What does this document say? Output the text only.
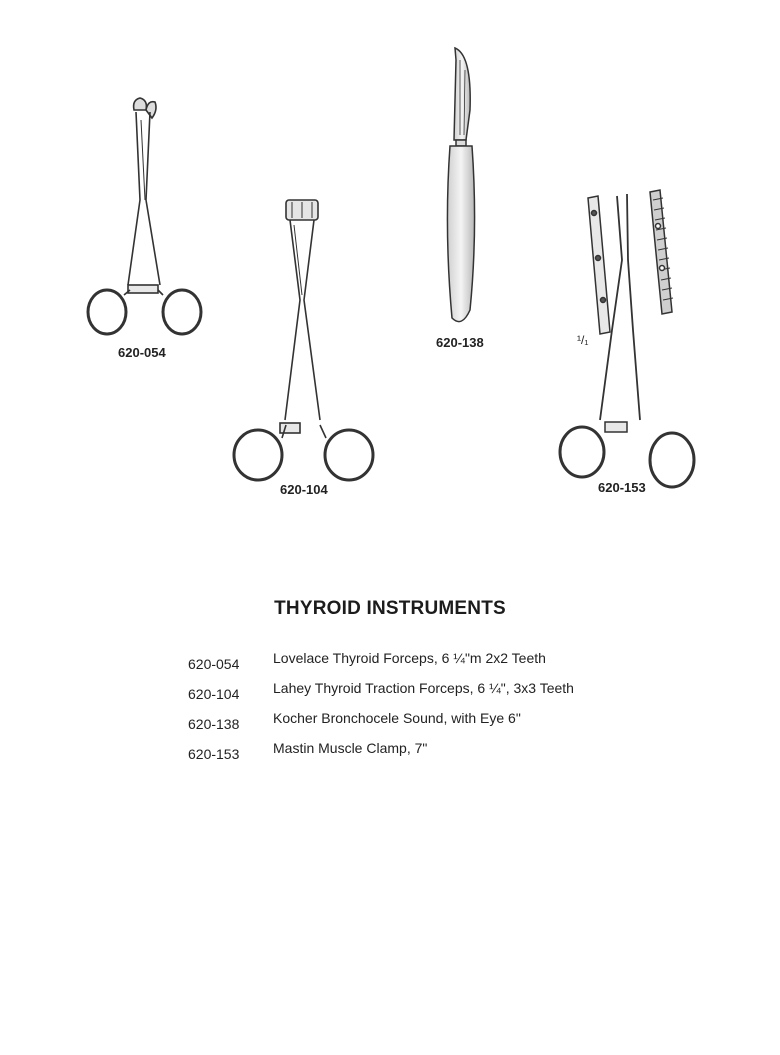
620-054
620-104
620-138	¹/₁
620-153
THYROID INSTRUMENTS
620-054 Lovelace Thyroid Forceps, 6 ¼"m 2x2 Teeth
620-104 Lahey Thyroid Traction Forceps, 6 ¼", 3x3 Teeth
620-138 Kocher Bronchocele Sound, with Eye 6"
620-153 Mastin Muscle Clamp, 7"
